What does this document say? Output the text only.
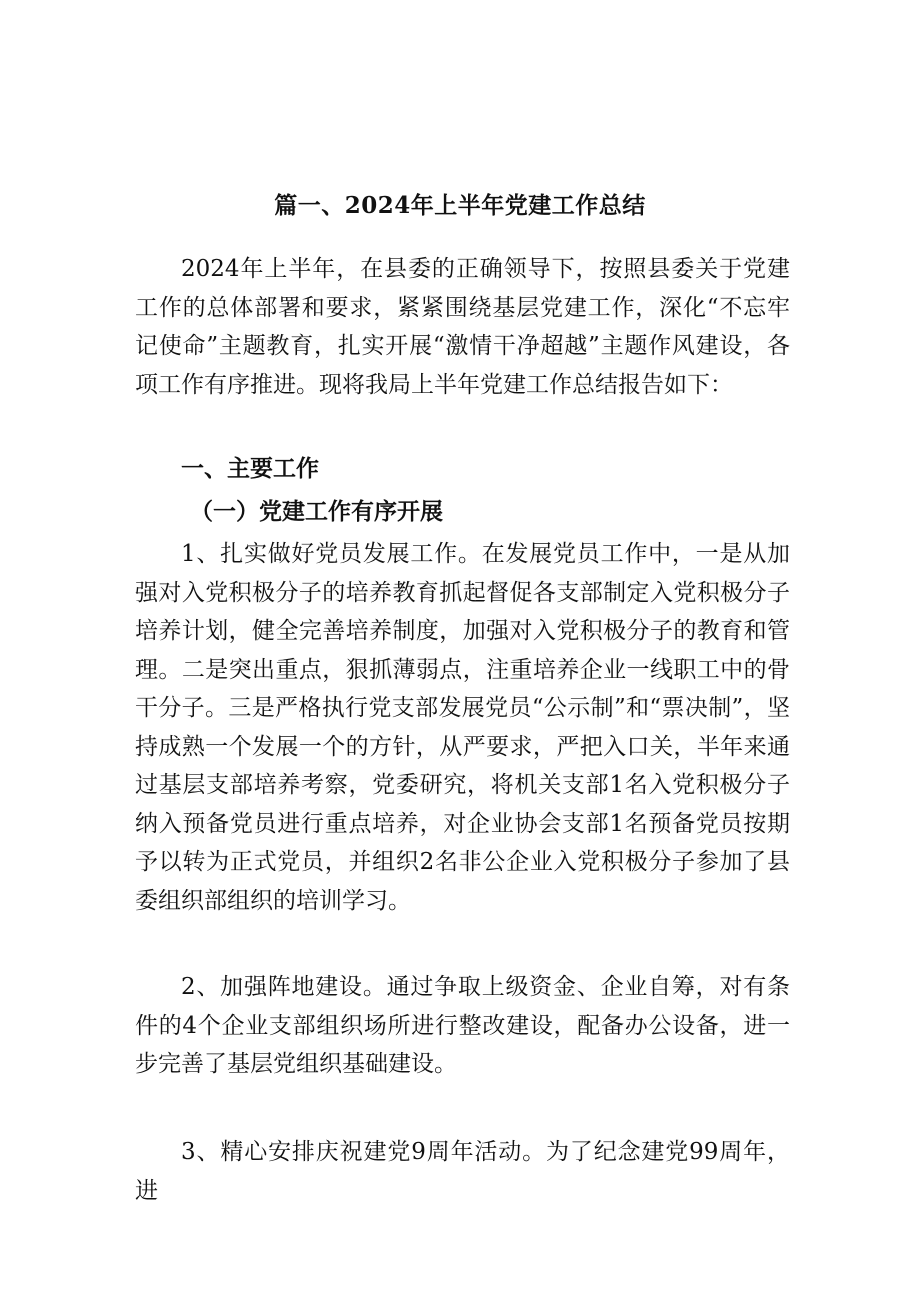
篇一、2024年上半年党建工作总结

2024年上半年，在县委的正确领导下，按照县委关于党建工作的总体部署和要求，紧紧围绕基层党建工作，深化“不忘牢记使命”主题教育，扎实开展“激情干净超越”主题作风建设，各项工作有序推进。现将我局上半年党建工作总结报告如下：

一、主要工作
（一）党建工作有序开展

1、扎实做好党员发展工作。在发展党员工作中，一是从加强对入党积极分子的培养教育抓起督促各支部制定入党积极分子培养计划，健全完善培养制度，加强对入党积极分子的教育和管理。二是突出重点，狠抓薄弱点，注重培养企业一线职工中的骨干分子。三是严格执行党支部发展党员“公示制”和“票决制”，坚持成熟一个发展一个的方针，从严要求，严把入口关，半年来通过基层支部培养考察，党委研究，将机关支部1名入党积极分子纳入预备党员进行重点培养，对企业协会支部1名预备党员按期予以转为正式党员，并组织2名非公企业入党积极分子参加了县委组织部组织的培训学习。

2、加强阵地建设。通过争取上级资金、企业自筹，对有条件的4个企业支部组织场所进行整改建设，配备办公设备，进一步完善了基层党组织基础建设。

3、精心安排庆祝建党9周年活动。为了纪念建党99周年，进
